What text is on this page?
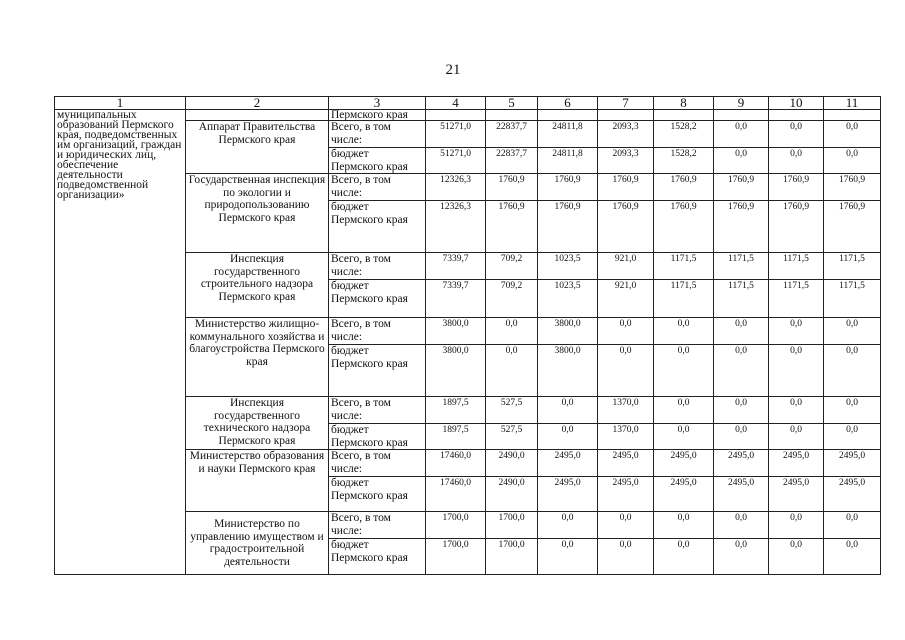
21
1	2	3	4	5	6	7	8	9	10	11
муниципальных образований Пермского края, подведомственных им организаций, граждан и юридических лиц, обеспечение деятельности подведомственной организации»		Пермского края								
	Аппарат Правительства Пермского края	Всего, в том числе:	51271,0	22837,7	24811,8	2093,3	1528,2	0,0	0,0	0,0
		бюджет Пермского края	51271,0	22837,7	24811,8	2093,3	1528,2	0,0	0,0	0,0
	Государственная инспекция по экологии и природопользованию Пермского края	Всего, в том числе:	12326,3	1760,9	1760,9	1760,9	1760,9	1760,9	1760,9	1760,9
		бюджет Пермского края	12326,3	1760,9	1760,9	1760,9	1760,9	1760,9	1760,9	1760,9
	Инспекция государственного строительного надзора Пермского края	Всего, в том числе:	7339,7	709,2	1023,5	921,0	1171,5	1171,5	1171,5	1171,5
		бюджет Пермского края	7339,7	709,2	1023,5	921,0	1171,5	1171,5	1171,5	1171,5
	Министерство жилищно-коммунального хозяйства и благоустройства Пермского края	Всего, в том числе:	3800,0	0,0	3800,0	0,0	0,0	0,0	0,0	0,0
		бюджет Пермского края	3800,0	0,0	3800,0	0,0	0,0	0,0	0,0	0,0
	Инспекция государственного технического надзора Пермского края	Всего, в том числе:	1897,5	527,5	0,0	1370,0	0,0	0,0	0,0	0,0
		бюджет Пермского края	1897,5	527,5	0,0	1370,0	0,0	0,0	0,0	0,0
	Министерство образования и науки Пермского края	Всего, в том числе:	17460,0	2490,0	2495,0	2495,0	2495,0	2495,0	2495,0	2495,0
		бюджет Пермского края	17460,0	2490,0	2495,0	2495,0	2495,0	2495,0	2495,0	2495,0
	Министерство по управлению имуществом и градостроительной деятельности	Всего, в том числе:	1700,0	1700,0	0,0	0,0	0,0	0,0	0,0	0,0
		бюджет Пермского края	1700,0	1700,0	0,0	0,0	0,0	0,0	0,0	0,0
